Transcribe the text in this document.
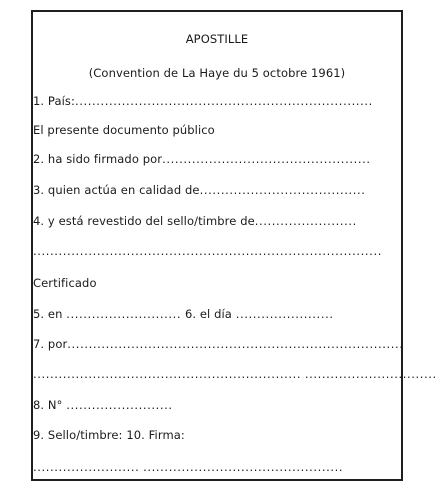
APOSTILLE
(Convention de La Haye du 5 octobre 1961)
1. País:......................................................................
El presente documento público
2. ha sido firmado por.................................................
3. quien actúa en calidad de.......................................
4. y está revestido del sello/timbre de........................
..................................................................................
Certificado
5. en ........................... 6. el día .......................
7. por...............................................................................
............................................................... ...............................
8. N° .........................
9. Sello/timbre: 10. Firma:
......................... ...............................................
